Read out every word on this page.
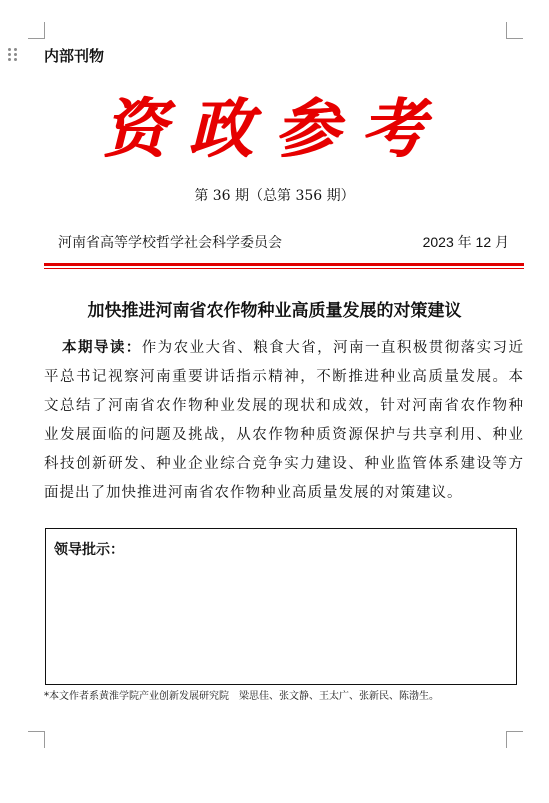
内部刊物
资政参考
第 36 期（总第 356 期）
河南省高等学校哲学社会科学委员会	2023 年 12 月
加快推进河南省农作物种业高质量发展的对策建议
本期导读：作为农业大省、粮食大省，河南一直积极贯彻落实习近平总书记视察河南重要讲话指示精神，不断推进种业高质量发展。本文总结了河南省农作物种业发展的现状和成效，针对河南省农作物种业发展面临的问题及挑战，从农作物种质资源保护与共享利用、种业科技创新研发、种业企业综合竞争实力建设、种业监管体系建设等方面提出了加快推进河南省农作物种业高质量发展的对策建议。
领导批示：
*本文作者系黄淮学院产业创新发展研究院　梁思佳、张文静、王太广、张新民、陈渤生。
